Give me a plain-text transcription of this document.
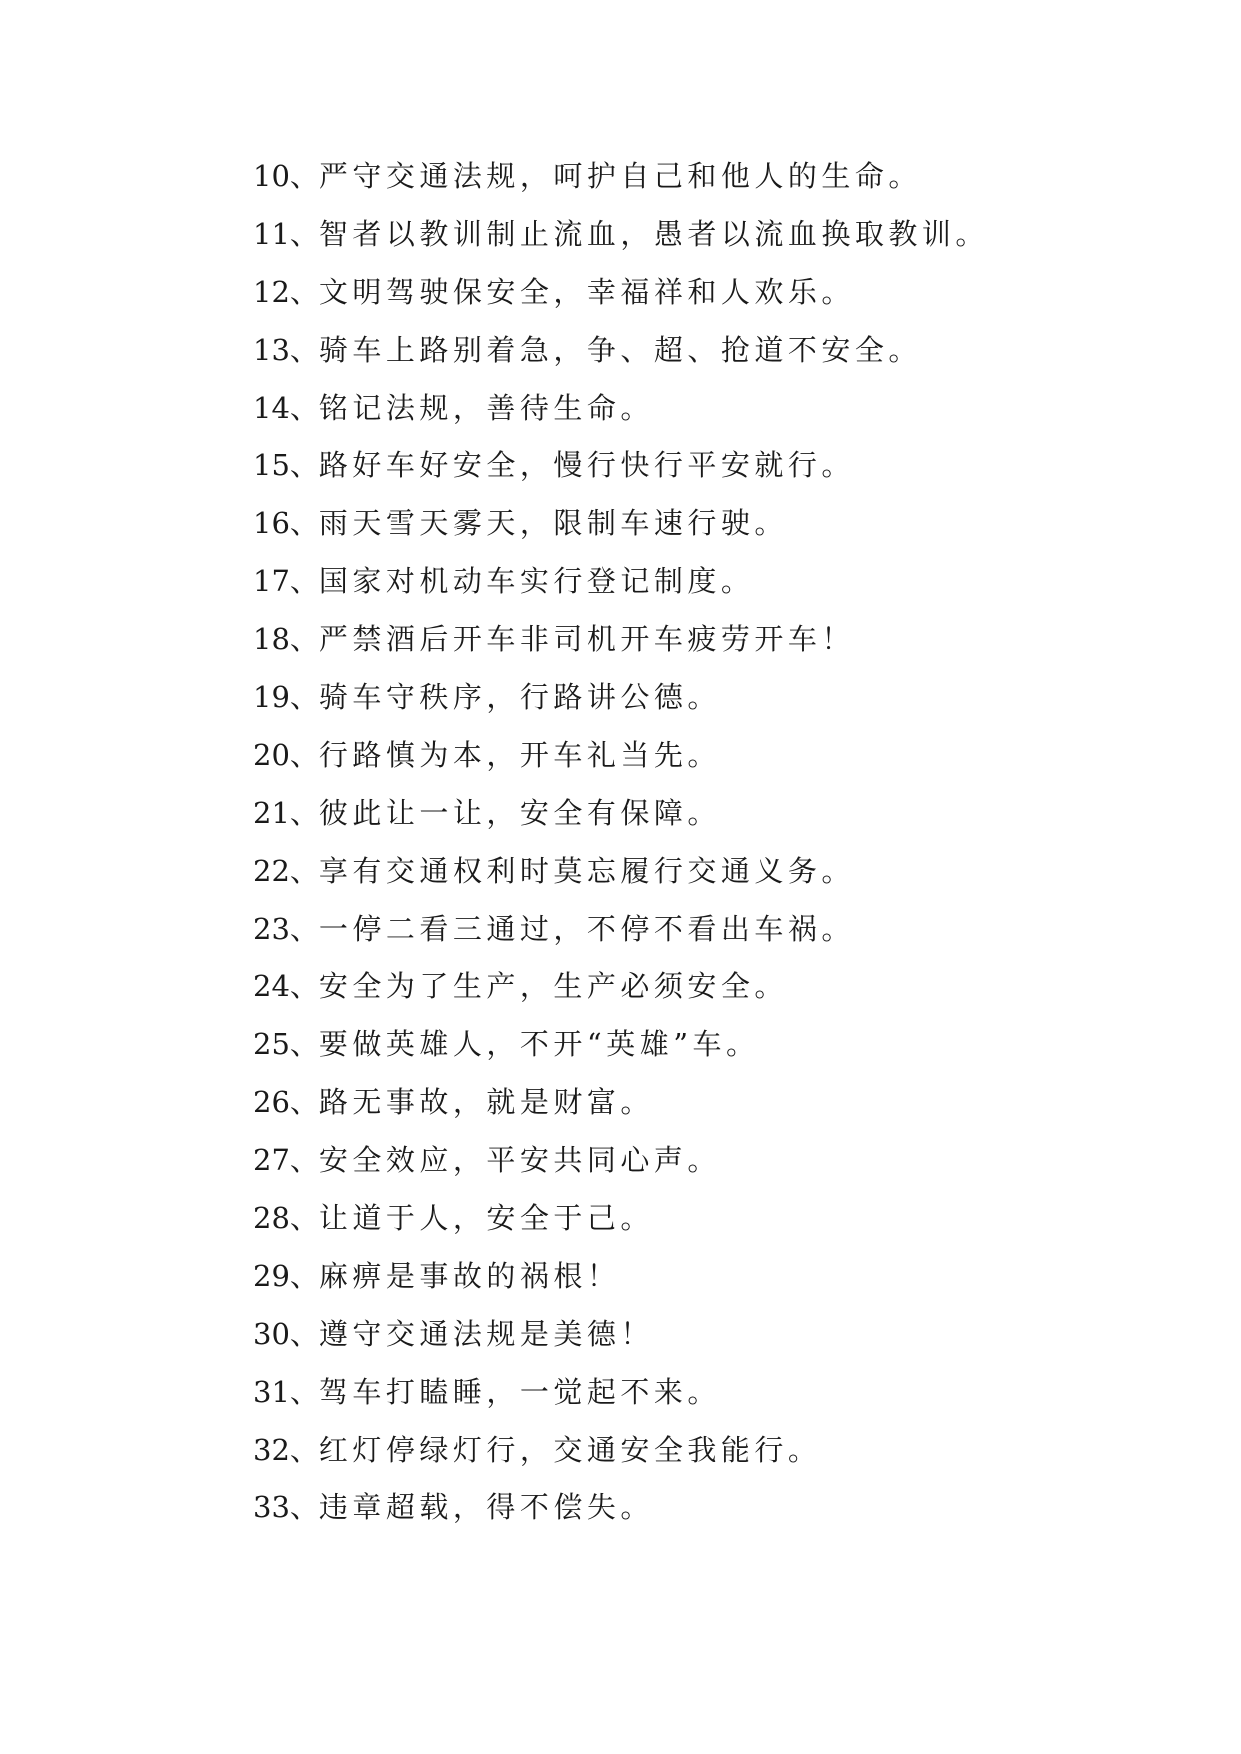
10、严守交通法规，呵护自己和他人的生命。
11、智者以教训制止流血，愚者以流血换取教训。
12、文明驾驶保安全，幸福祥和人欢乐。
13、骑车上路别着急，争、超、抢道不安全。
14、铭记法规，善待生命。
15、路好车好安全，慢行快行平安就行。
16、雨天雪天雾天，限制车速行驶。
17、国家对机动车实行登记制度。
18、严禁酒后开车非司机开车疲劳开车！
19、骑车守秩序，行路讲公德。
20、行路慎为本，开车礼当先。
21、彼此让一让，安全有保障。
22、享有交通权利时莫忘履行交通义务。
23、一停二看三通过，不停不看出车祸。
24、安全为了生产，生产必须安全。
25、要做英雄人，不开“英雄”车。
26、路无事故，就是财富。
27、安全效应，平安共同心声。
28、让道于人，安全于己。
29、麻痹是事故的祸根！
30、遵守交通法规是美德！
31、驾车打瞌睡，一觉起不来。
32、红灯停绿灯行，交通安全我能行。
33、违章超载，得不偿失。
